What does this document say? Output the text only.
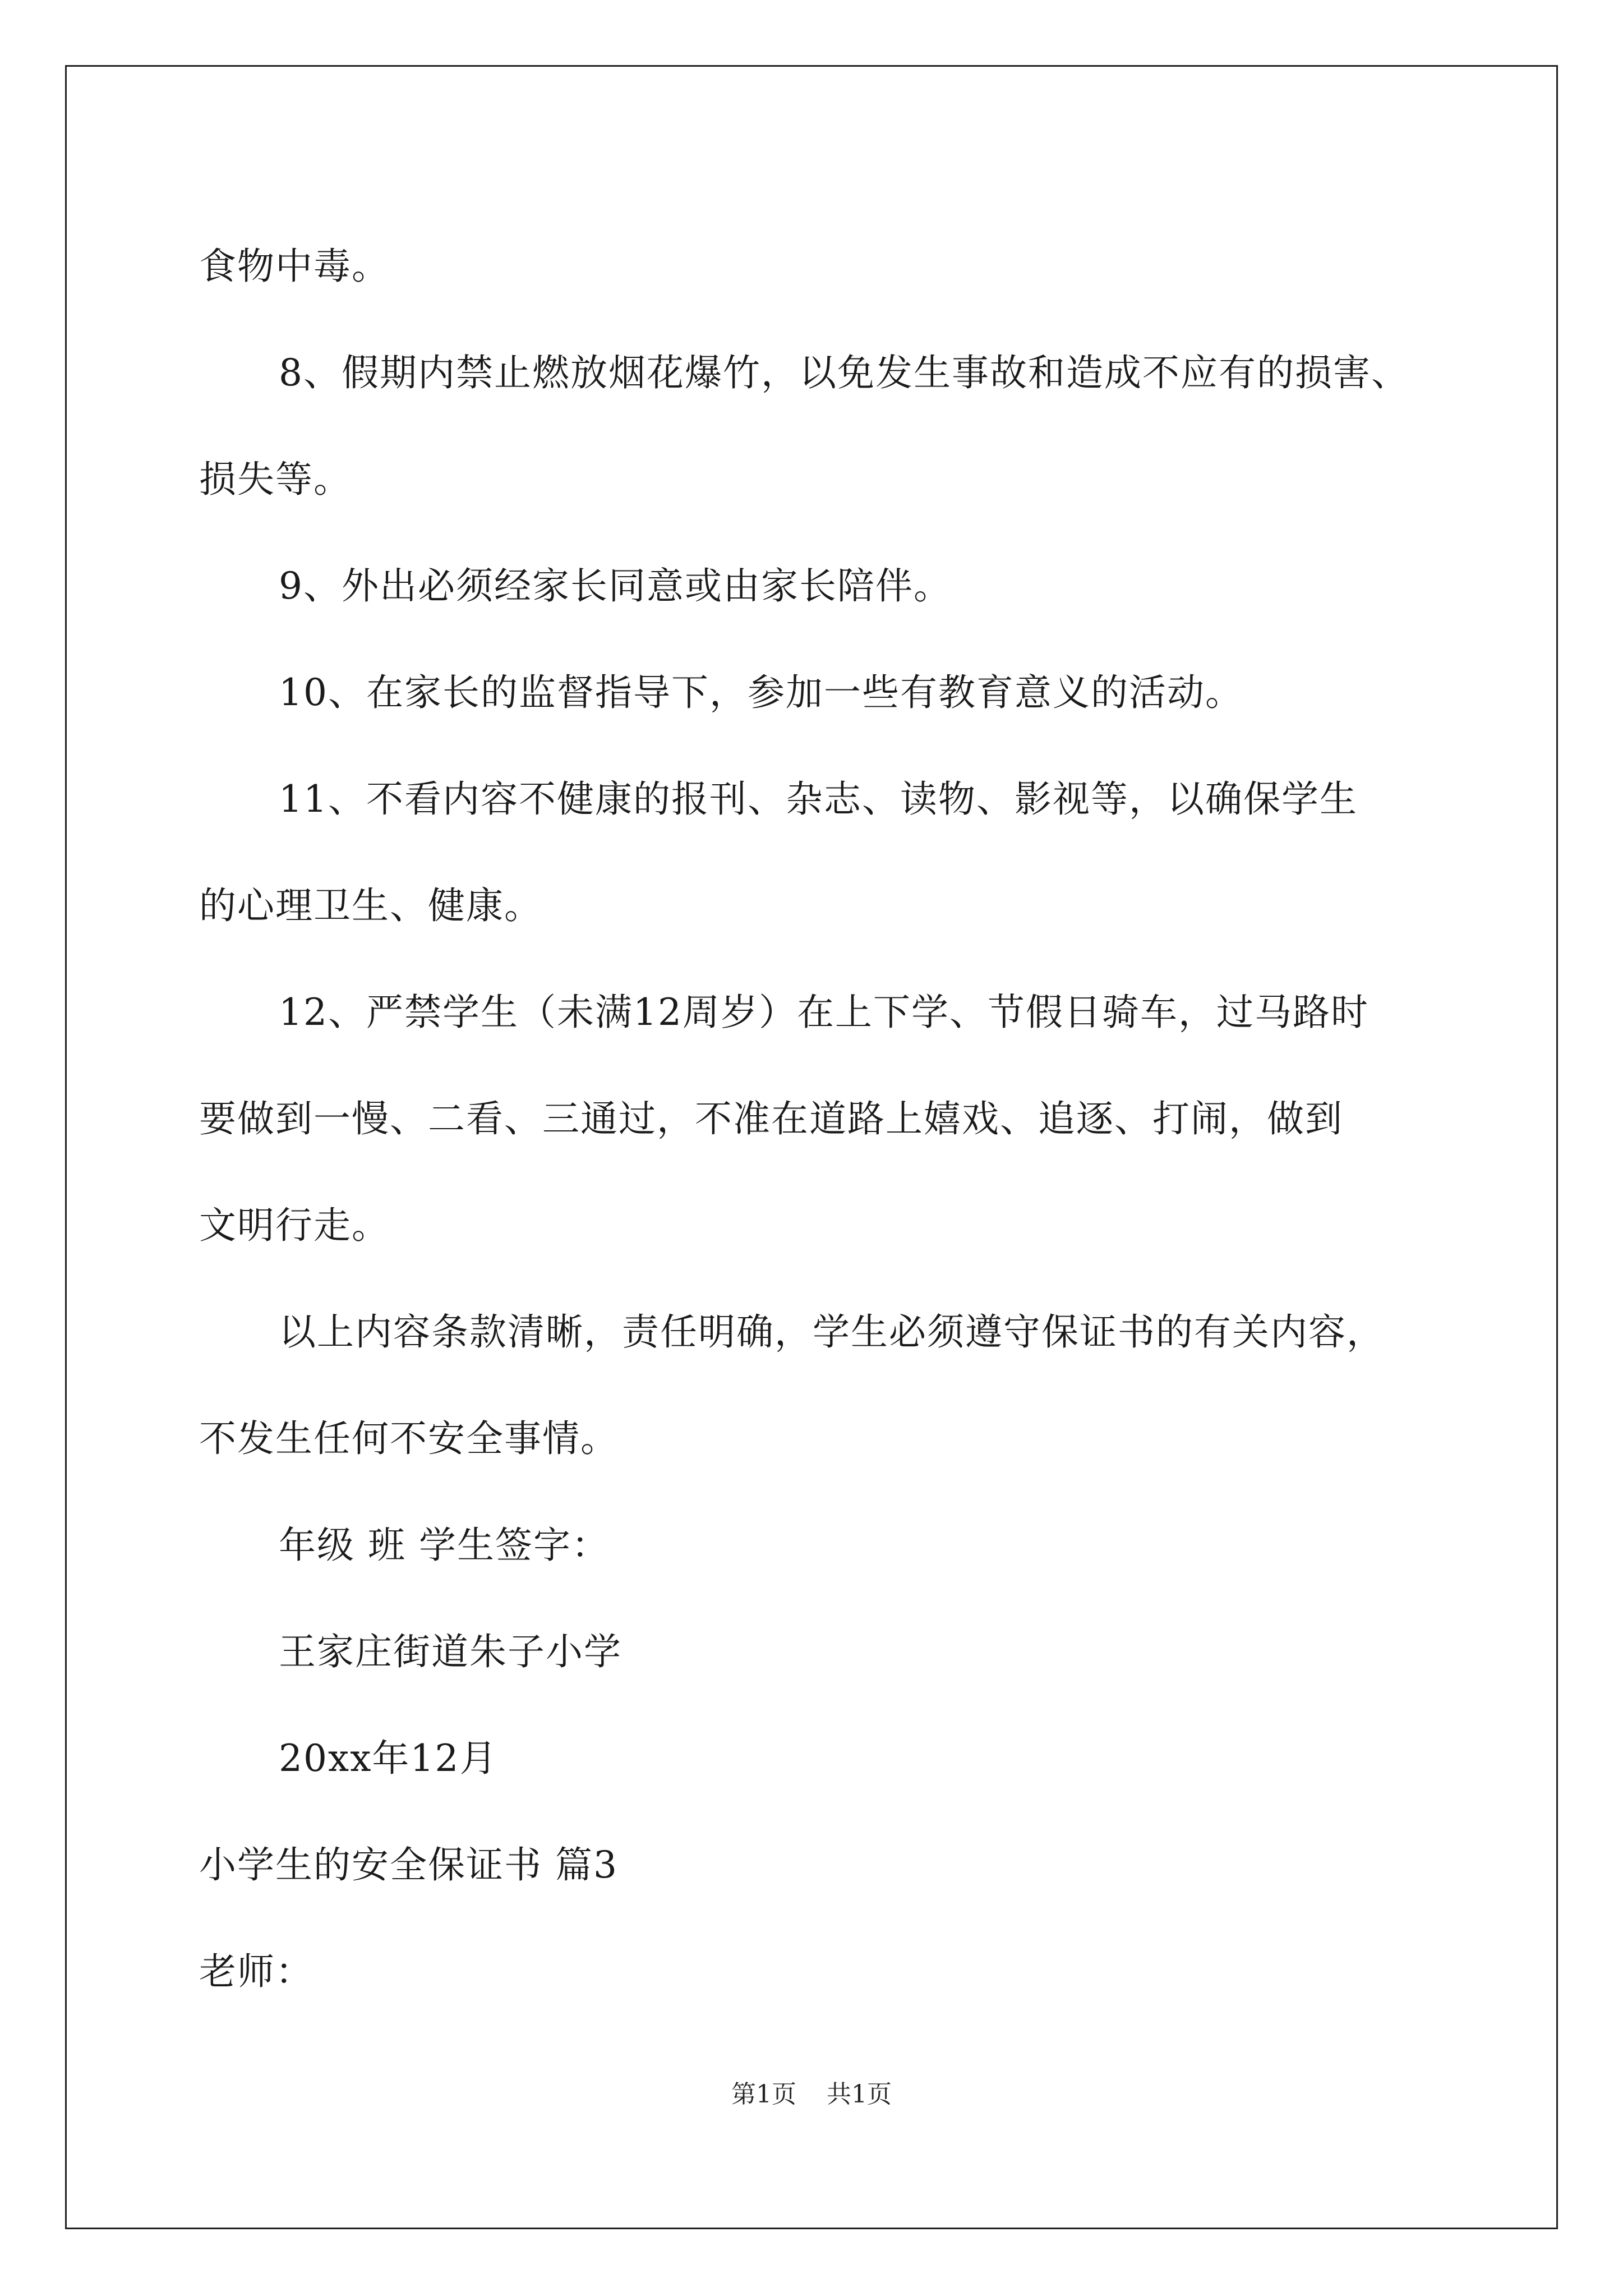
食物中毒。
8、假期内禁止燃放烟花爆竹，以免发生事故和造成不应有的损害、
损失等。
9、外出必须经家长同意或由家长陪伴。
10、在家长的监督指导下，参加一些有教育意义的活动。
11、不看内容不健康的报刊、杂志、读物、影视等，以确保学生
的心理卫生、健康。
12、严禁学生（未满12周岁）在上下学、节假日骑车，过马路时
要做到一慢、二看、三通过，不准在道路上嬉戏、追逐、打闹，做到
文明行走。
以上内容条款清晰，责任明确，学生必须遵守保证书的有关内容，
不发生任何不安全事情。
年级 班 学生签字：
王家庄街道朱子小学
20xx年12月
小学生的安全保证书 篇3
老师：
第1页 共1页
